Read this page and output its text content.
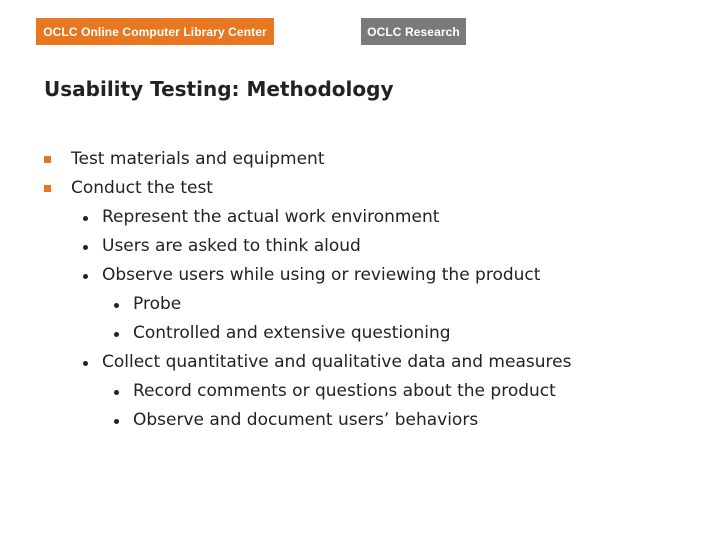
OCLC Online Computer Library Center	OCLC Research
Usability Testing: Methodology
Test materials and equipment
Conduct the test
Represent the actual work environment
Users are asked to think aloud
Observe users while using or reviewing the product
Probe
Controlled and extensive questioning
Collect quantitative and qualitative data and measures
Record comments or questions about the product
Observe and document users’ behaviors
